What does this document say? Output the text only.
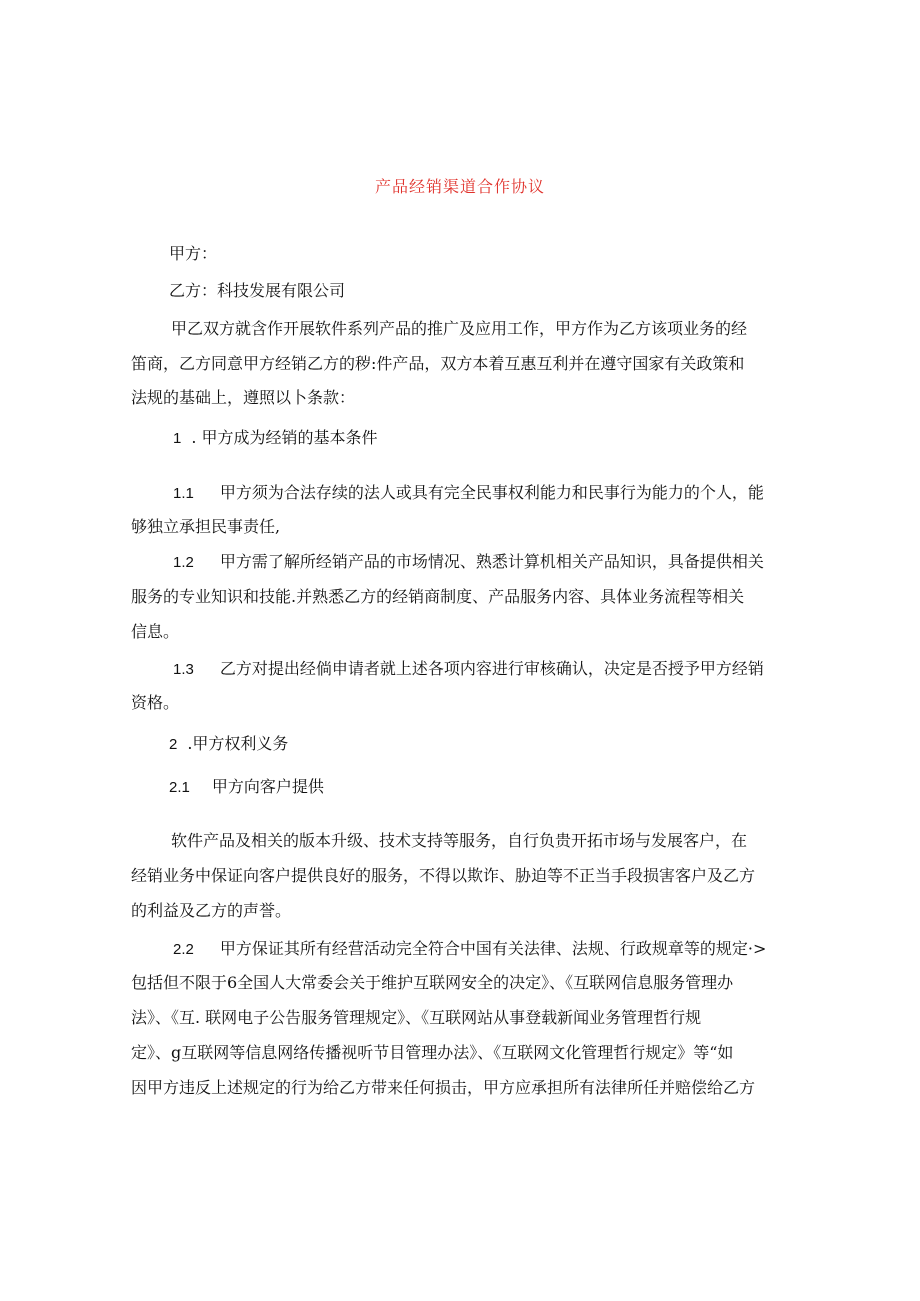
产品经销渠道合作协议
甲方：
乙方：科技发展有限公司
甲乙双方就含作开展软件系列产品的推广及应用工作，甲方作为乙方该项业务的经
笛商，乙方同意甲方经销乙方的秽:件产品，双方本着互惠互利并在遵守国家有关政策和
法规的基础上，遵照以卜条款：
1 . 甲方成为经销的基本条件
1.1 甲方须为合法存续的法人或具有完全民事权利能力和民事行为能力的个人，能
够独立承担民事责任,
1.2 甲方需了解所经销产品的市场情况、熟悉计算机相关产品知识，具备提供相关
服务的专业知识和技能.并熟悉乙方的经销商制度、产品服务内容、具体业务流程等相关
信息。
1.3 乙方对提出经倘申请者就上述各项内容进行审核确认，决定是否授予甲方经销
资格。
2 .甲方权利义务
2.1 甲方向客户提供
软件产品及相关的版本升级、技术支持等服务，自行负贵开拓市场与发展客户，在
经销业务中保证向客户提供良好的服务，不得以欺诈、胁迫等不正当手段损害客户及乙方
的利益及乙方的声誉。
2.2 甲方保证其所有经营活动完全符合中国有关法律、法规、行政规章等的规定·>
包括但不限于6全国人大常委会关于维护互联网安全的决定》、《互联网信息服务管理办
法》、《互. 联网电子公告服务管理规定》、《互联网站从事登载新闻业务管理哲行规
定》、g互联网等信息网络传播视听节目管理办法》、《互联网文化管理哲行规定》等“如
因甲方违反上述规定的行为给乙方带来任何损击，甲方应承担所有法律所任并赔偿给乙方
